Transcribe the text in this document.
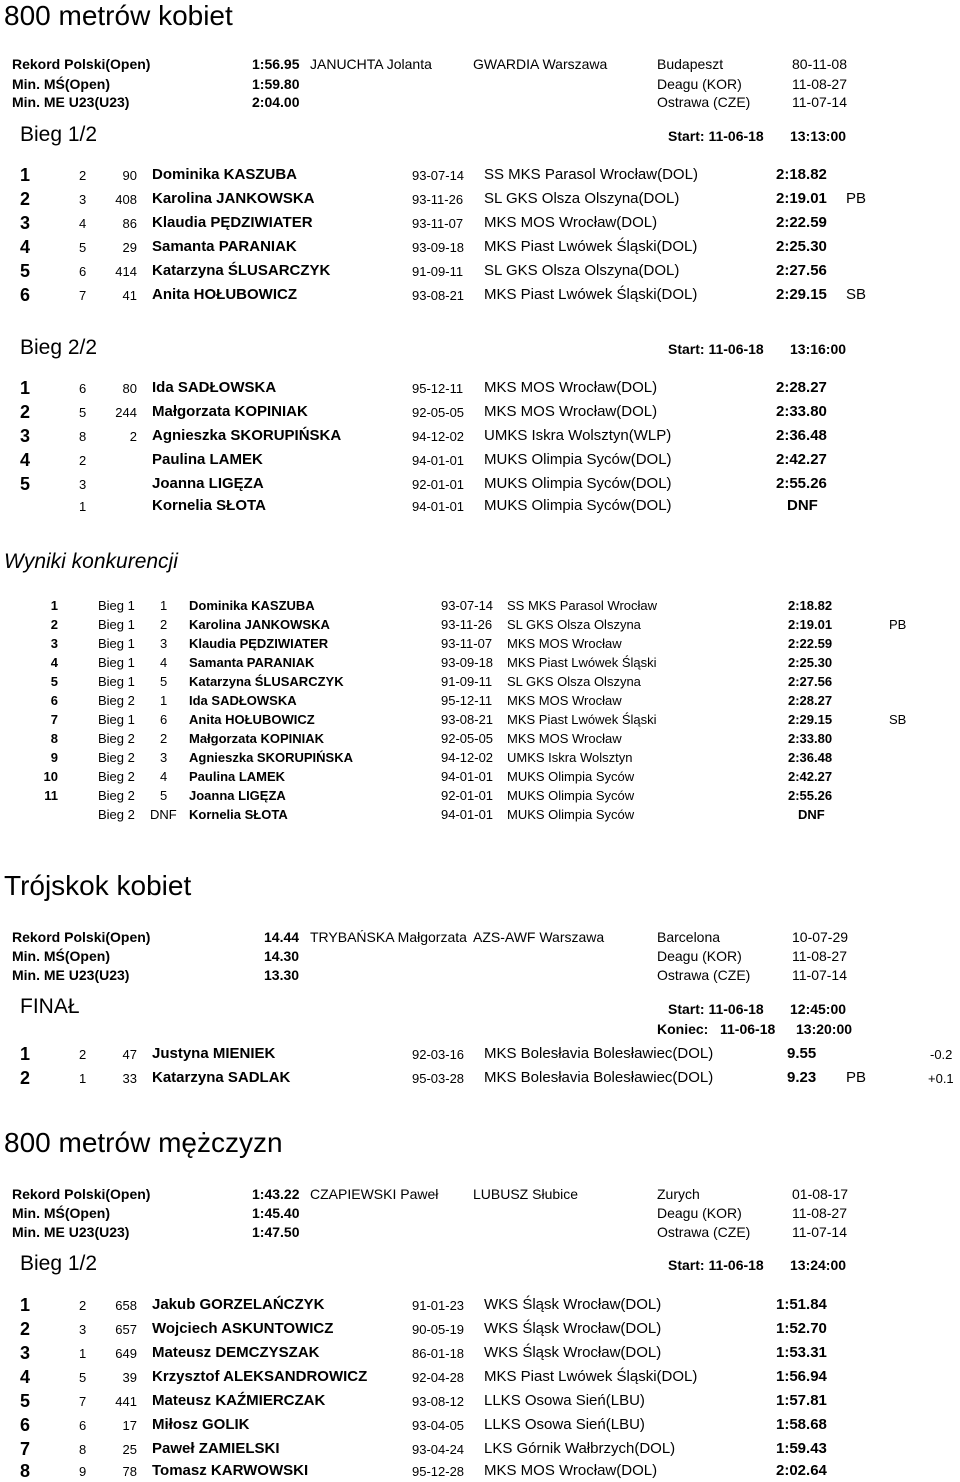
800 metrów kobiet
Rekord Polski(Open)	1:56.95 JANUCHTA Jolanta	GWARDIA Warszawa	Budapeszt	80-11-08
Min. MŚ(Open)	1:59.80	Deagu (KOR)	11-08-27
Min. ME U23(U23)	2:04.00	Ostrawa (CZE)	11-07-14
Bieg 1/2	Start: 11-06-18 13:13:00
1	2	90 Dominika KASZUBA	93-07-14 SS MKS Parasol Wrocław(DOL)	2:18.82
2	3 408 Karolina JANKOWSKA	93-11-26 SL GKS Olsza Olszyna(DOL)	2:19.01 PB
3	4	86 Klaudia PĘDZIWIATER	93-11-07 MKS MOS Wrocław(DOL)	2:22.59
4	5	29 Samanta PARANIAK	93-09-18 MKS Piast Lwówek Śląski(DOL)	2:25.30
5	6 414 Katarzyna ŚLUSARCZYK	91-09-11 SL GKS Olsza Olszyna(DOL)	2:27.56
6	7	41 Anita HOŁUBOWICZ	93-08-21 MKS Piast Lwówek Śląski(DOL)	2:29.15 SB
Bieg 2/2	Start: 11-06-18 13:16:00
1	6	80 Ida SADŁOWSKA	95-12-11 MKS MOS Wrocław(DOL)	2:28.27
2	5 244 Małgorzata KOPINIAK	92-05-05 MKS MOS Wrocław(DOL)	2:33.80
3	8	2 Agnieszka SKORUPIŃSKA	94-12-02 UMKS Iskra Wolsztyn(WLP)	2:36.48
4	2	Paulina LAMEK	94-01-01 MUKS Olimpia Syców(DOL)	2:42.27
5	3	Joanna LIGĘZA	92-01-01 MUKS Olimpia Syców(DOL)	2:55.26
1	Kornelia SŁOTA	94-01-01 MUKS Olimpia Syców(DOL)	DNF
Wyniki konkurencji
1	Bieg 1 1 Dominika KASZUBA	93-07-14 SS MKS Parasol Wrocław	2:18.82
2	Bieg 1 2 Karolina JANKOWSKA	93-11-26 SL GKS Olsza Olszyna	2:19.01	PB
3	Bieg 1 3 Klaudia PĘDZIWIATER	93-11-07 MKS MOS Wrocław	2:22.59
4	Bieg 1 4 Samanta PARANIAK	93-09-18 MKS Piast Lwówek Śląski	2:25.30
5	Bieg 1 5 Katarzyna ŚLUSARCZYK	91-09-11 SL GKS Olsza Olszyna	2:27.56
6	Bieg 2 1 Ida SADŁOWSKA	95-12-11 MKS MOS Wrocław	2:28.27
7	Bieg 1 6 Anita HOŁUBOWICZ	93-08-21 MKS Piast Lwówek Śląski	2:29.15	SB
8	Bieg 2 2 Małgorzata KOPINIAK	92-05-05 MKS MOS Wrocław	2:33.80
9	Bieg 2 3 Agnieszka SKORUPIŃSKA	94-12-02 UMKS Iskra Wolsztyn	2:36.48
10	Bieg 2 4 Paulina LAMEK	94-01-01 MUKS Olimpia Syców	2:42.27
11	Bieg 2 5 Joanna LIGĘZA	92-01-01 MUKS Olimpia Syców	2:55.26
Bieg 2 DNF Kornelia SŁOTA	94-01-01 MUKS Olimpia Syców	DNF
Trójskok kobiet
Rekord Polski(Open)	14.44 TRYBAŃSKA Małgorzata AZS-AWF Warszawa	Barcelona	10-07-29
Min. MŚ(Open)	14.30	Deagu (KOR)	11-08-27
Min. ME U23(U23)	13.30	Ostrawa (CZE)	11-07-14
FINAŁ	Start: 11-06-18 12:45:00
Koniec: 11-06-18 13:20:00
1	2	47 Justyna MIENIEK	92-03-16 MKS Bolesłavia Bolesławiec(DOL)	9.55	-0.2
2	1	33 Katarzyna SADLAK	95-03-28 MKS Bolesłavia Bolesławiec(DOL)	9.23 PB	+0.1
800 metrów mężczyzn
Rekord Polski(Open)	1:43.22 CZAPIEWSKI Paweł LUBUSZ Słubice	Zurych	01-08-17
Min. MŚ(Open)	1:45.40	Deagu (KOR)	11-08-27
Min. ME U23(U23)	1:47.50	Ostrawa (CZE)	11-07-14
Bieg 1/2	Start: 11-06-18 13:24:00
1	2 658 Jakub GORZELAŃCZYK	91-01-23 WKS Śląsk Wrocław(DOL)	1:51.84
2	3 657 Wojciech ASKUNTOWICZ	90-05-19 WKS Śląsk Wrocław(DOL)	1:52.70
3	1 649 Mateusz DEMCZYSZAK	86-01-18 WKS Śląsk Wrocław(DOL)	1:53.31
4	5	39 Krzysztof ALEKSANDROWICZ	92-04-28 MKS Piast Lwówek Śląski(DOL)	1:56.94
5	7 441 Mateusz KAŹMIERCZAK	93-08-12 LLKS Osowa Sień(LBU)	1:57.81
6	6	17 Miłosz GOLIK	93-04-05 LLKS Osowa Sień(LBU)	1:58.68
7	8	25 Paweł ZAMIELSKI	93-04-24 LKS Górnik Wałbrzych(DOL)	1:59.43
8	9	78 Tomasz KARWOWSKI	95-12-28 MKS MOS Wrocław(DOL)	2:02.64
